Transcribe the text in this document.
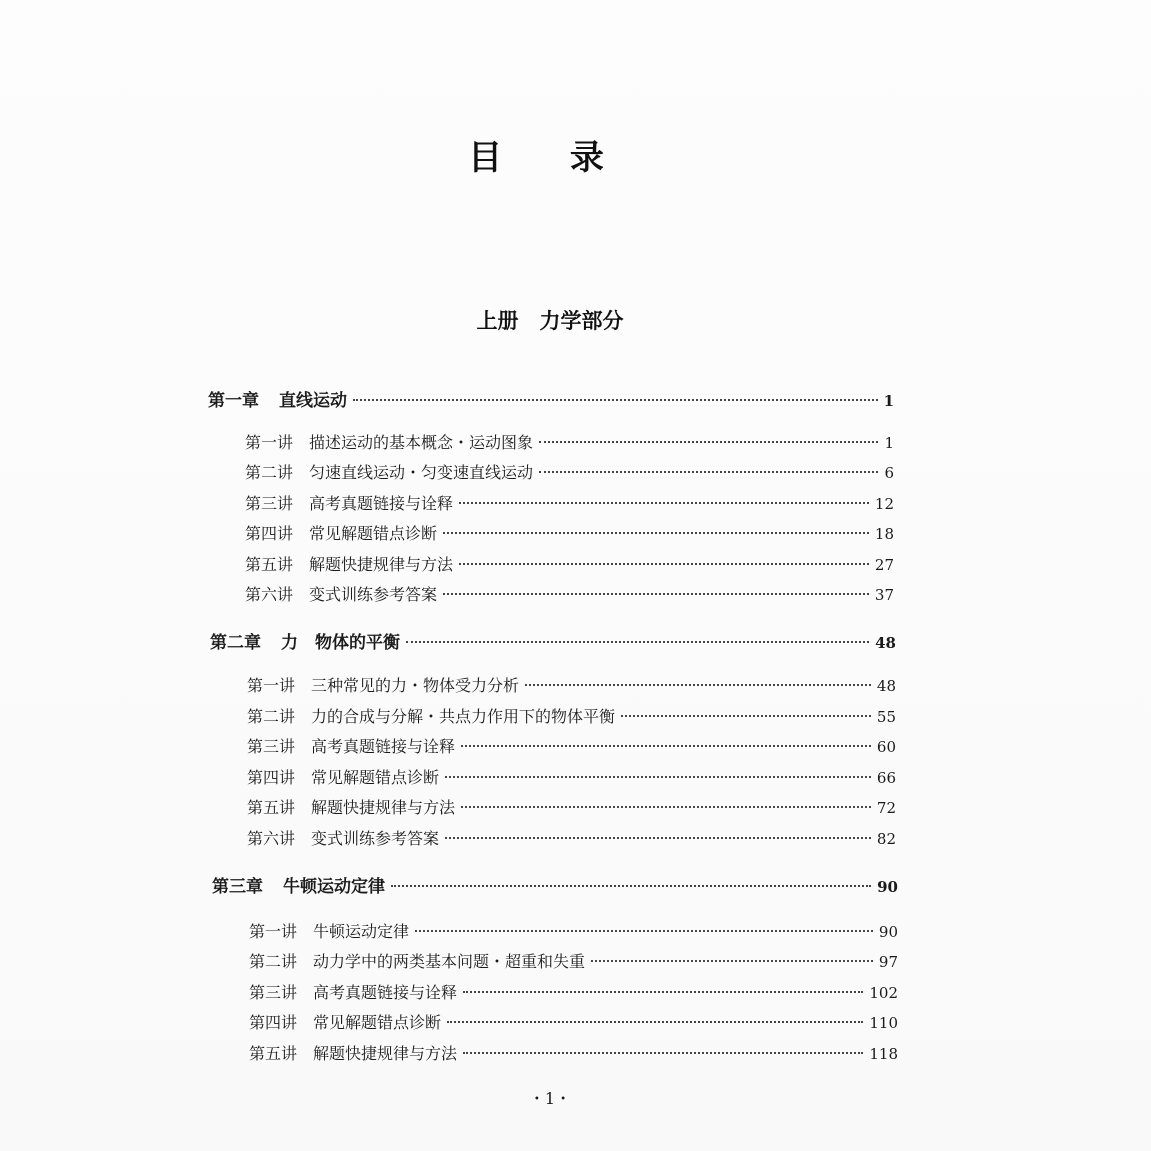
目 录
上册　力学部分
第一章 直线运动	1
第一讲 描述运动的基本概念・运动图象	1
第二讲 匀速直线运动・匀变速直线运动	6
第三讲 高考真题链接与诠释	12
第四讲 常见解题错点诊断	18
第五讲 解题快捷规律与方法	27
第六讲 变式训练参考答案	37
第二章 力　物体的平衡	48
第一讲 三种常见的力・物体受力分析	48
第二讲 力的合成与分解・共点力作用下的物体平衡	55
第三讲 高考真题链接与诠释	60
第四讲 常见解题错点诊断	66
第五讲 解题快捷规律与方法	72
第六讲 变式训练参考答案	82
第三章 牛顿运动定律	90
第一讲 牛顿运动定律	90
第二讲 动力学中的两类基本问题・超重和失重	97
第三讲 高考真题链接与诠释	102
第四讲 常见解题错点诊断	110
第五讲 解题快捷规律与方法	118
・1・
